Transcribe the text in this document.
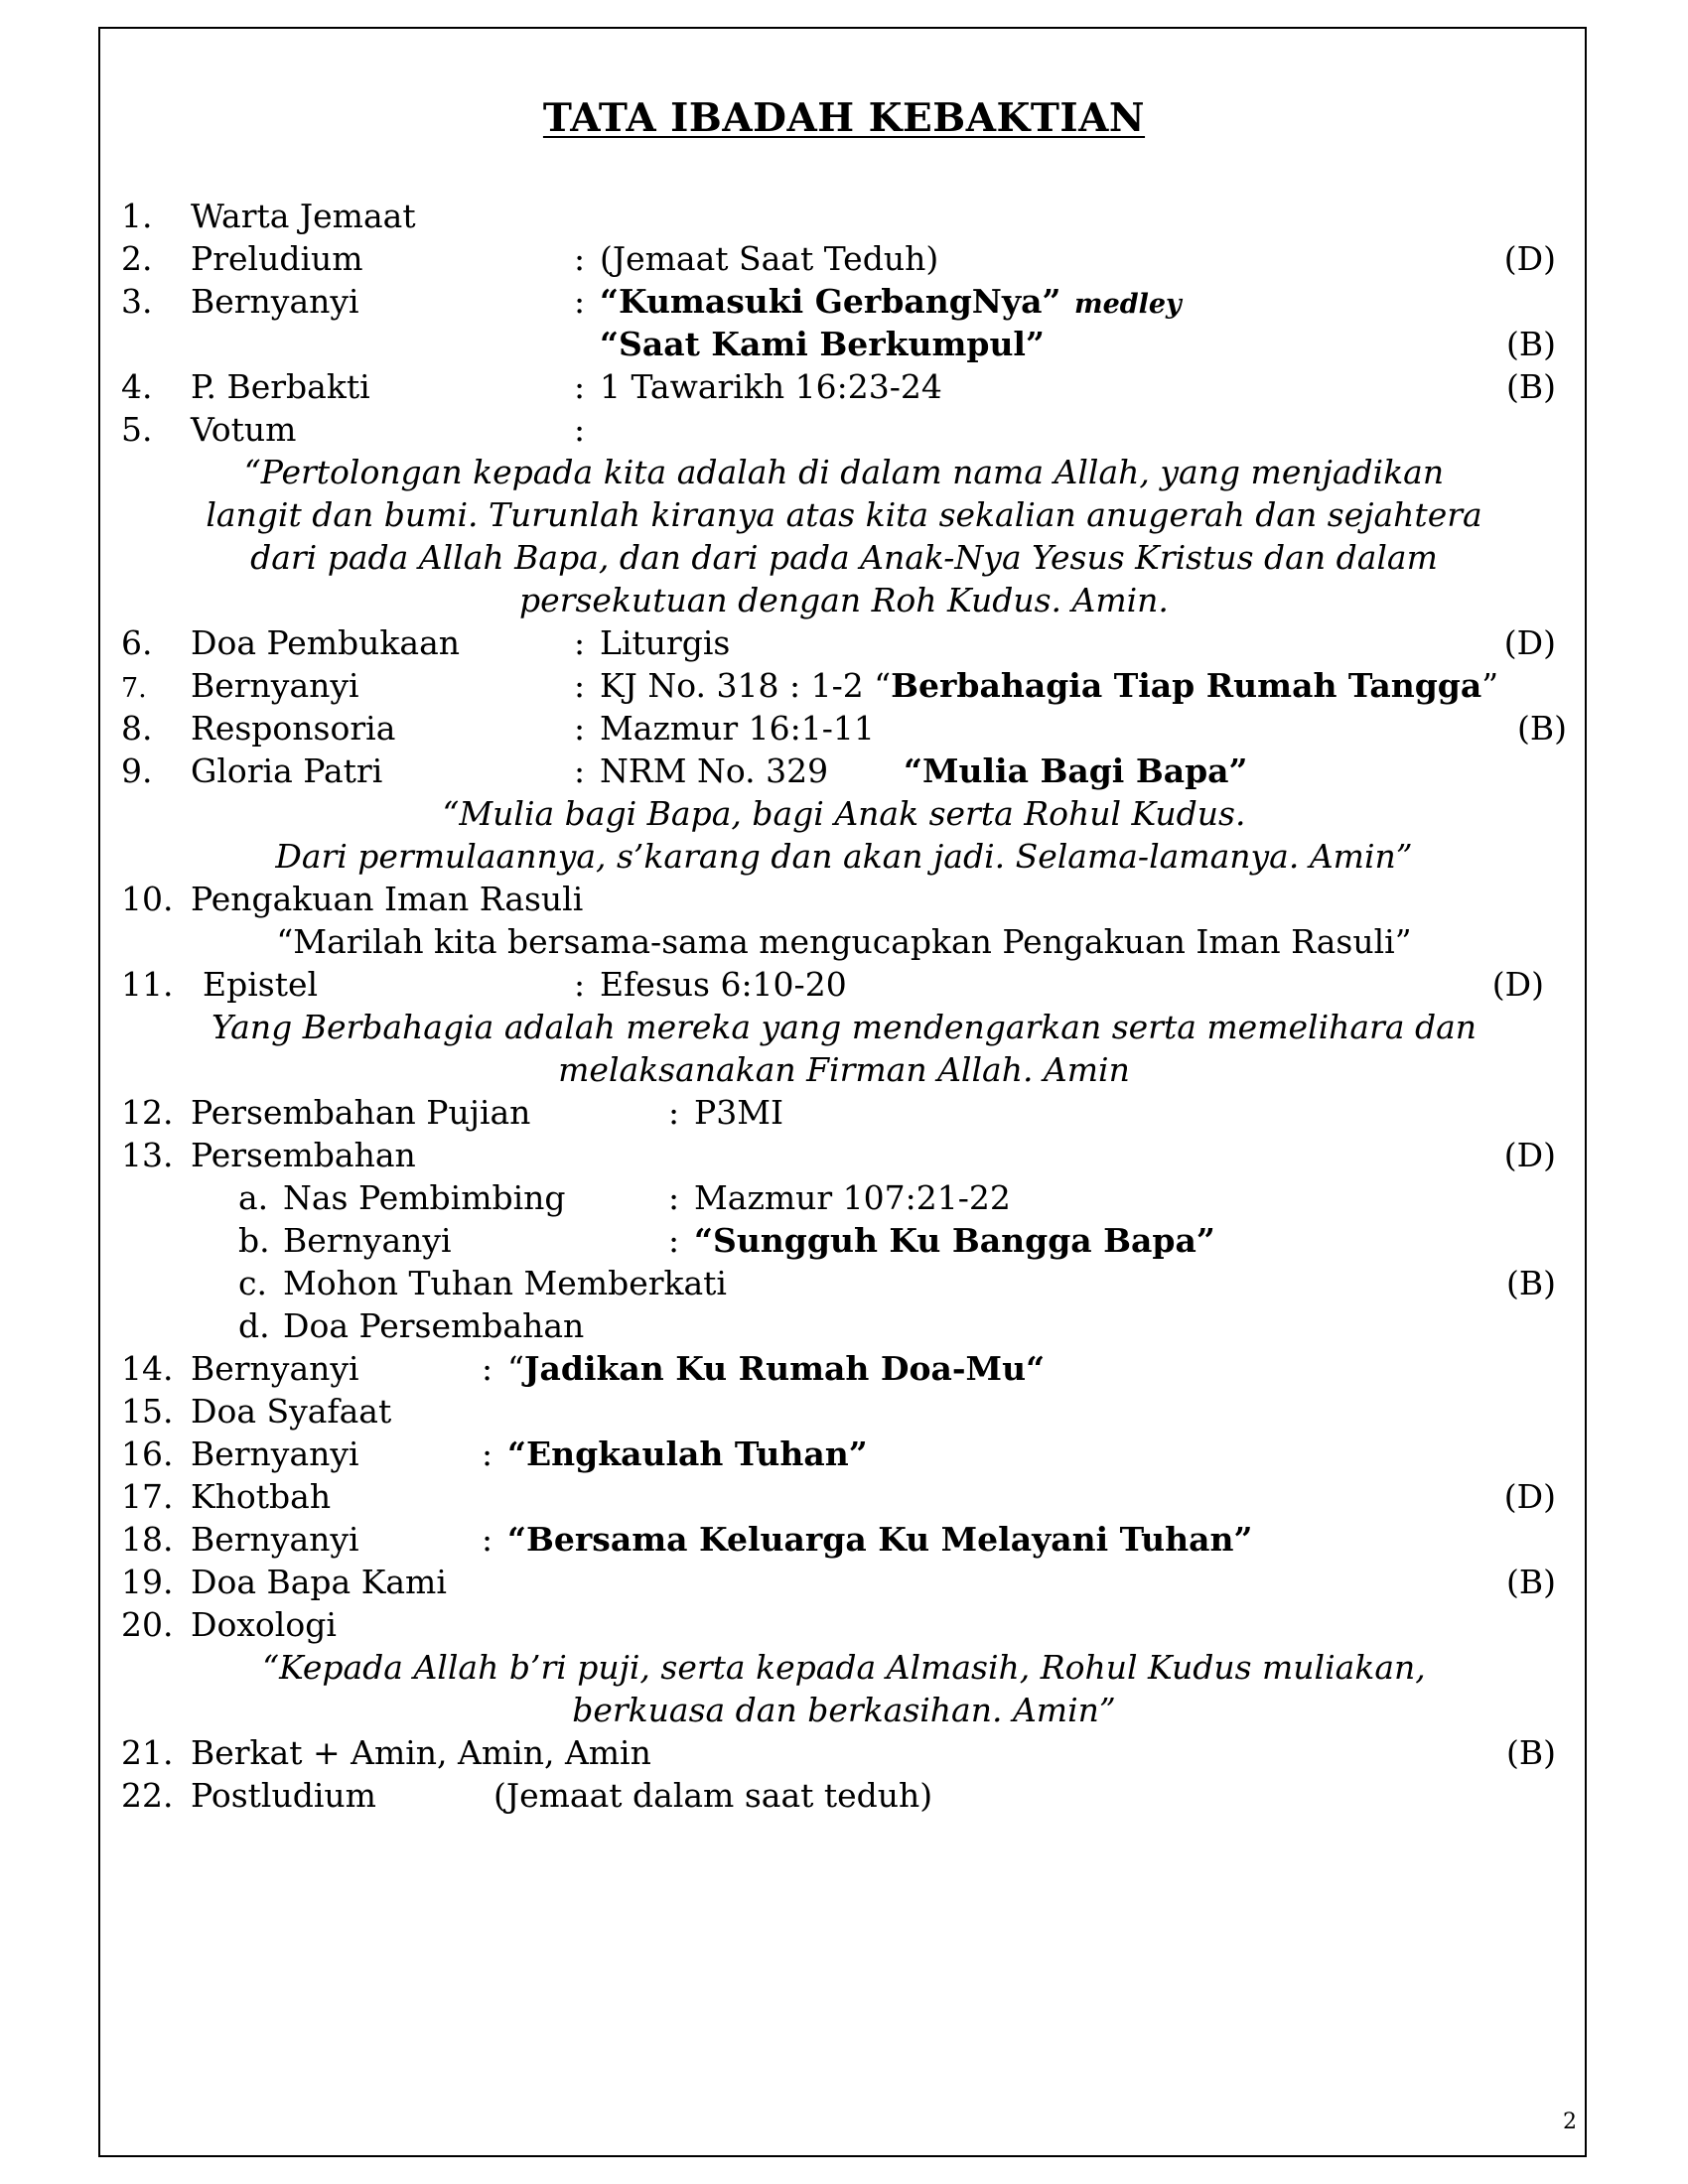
TATA IBADAH KEBAKTIAN
1. Warta Jemaat
2. Preludium	: (Jemaat Saat Teduh)	(D)
3. Bernyanyi	: “Kumasuki GerbangNya” medley
“Saat Kami Berkumpul”	(B)
4. P. Berbakti	: 1 Tawarikh 16:23-24	(B)
5. Votum	:
“Pertolongan kepada kita adalah di dalam nama Allah, yang menjadikan
langit dan bumi. Turunlah kiranya atas kita sekalian anugerah dan sejahtera
dari pada Allah Bapa, dan dari pada Anak-Nya Yesus Kristus dan dalam
persekutuan dengan Roh Kudus. Amin.
6. Doa Pembukaan	: Liturgis	(D)
7. Bernyanyi	: KJ No. 318 : 1-2 “Berbahagia Tiap Rumah Tangga”
8. Responsoria	: Mazmur 16:1-11	(B)
9. Gloria Patri	: NRM No. 329 “Mulia Bagi Bapa”
“Mulia bagi Bapa, bagi Anak serta Rohul Kudus.
Dari permulaannya, s’karang dan akan jadi. Selama-lamanya. Amin”
10. Pengakuan Iman Rasuli
“Marilah kita bersama-sama mengucapkan Pengakuan Iman Rasuli”
11. Epistel	: Efesus 6:10-20	(D)
Yang Berbahagia adalah mereka yang mendengarkan serta memelihara dan
melaksanakan Firman Allah. Amin
12. Persembahan Pujian	: P3MI
13. Persembahan	(D)
a. Nas Pembimbing	: Mazmur 107:21-22
b. Bernyanyi	: “Sungguh Ku Bangga Bapa”
c. Mohon Tuhan Memberkati	(B)
d. Doa Persembahan
14. Bernyanyi	: “Jadikan Ku Rumah Doa-Mu“
15. Doa Syafaat
16. Bernyanyi	: “Engkaulah Tuhan”
17. Khotbah	(D)
18. Bernyanyi	: “Bersama Keluarga Ku Melayani Tuhan”
19. Doa Bapa Kami	(B)
20. Doxologi
“Kepada Allah b’ri puji, serta kepada Almasih, Rohul Kudus muliakan,
berkuasa dan berkasihan. Amin”
21. Berkat + Amin, Amin, Amin	(B)
22. Postludium	(Jemaat dalam saat teduh)
2
